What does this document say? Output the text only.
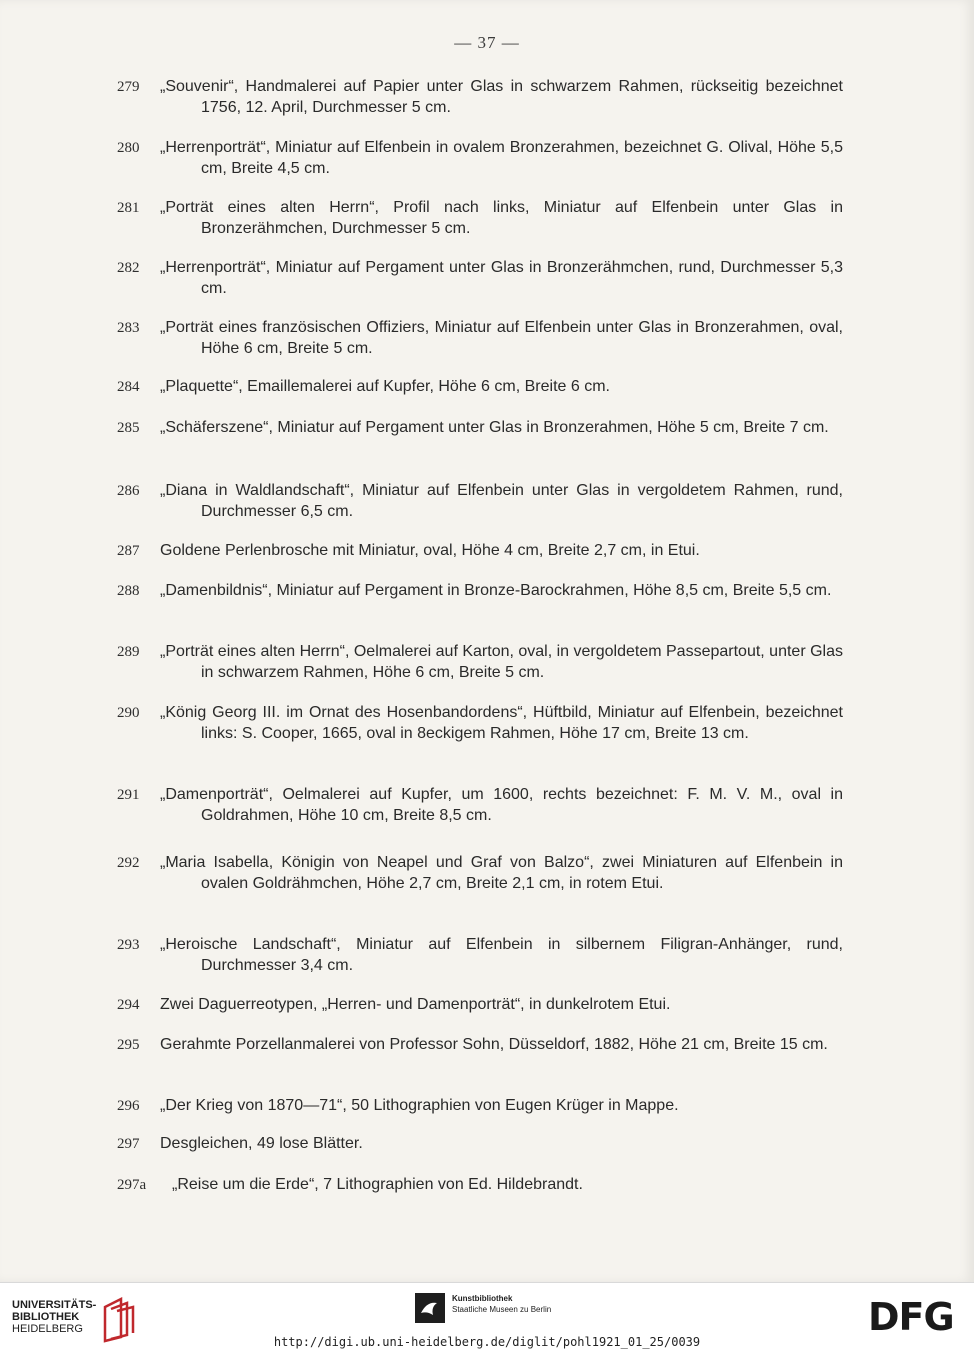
— 37 —
279 „Souvenir“, Handmalerei auf Papier unter Glas in schwarzem Rahmen, rückseitig bezeichnet 1756, 12. April, Durchmesser 5 cm.
280 „Herrenporträt“, Miniatur auf Elfenbein in ovalem Bronzerahmen, bezeichnet G. Olival, Höhe 5,5 cm, Breite 4,5 cm.
281 „Porträt eines alten Herrn“, Profil nach links, Miniatur auf Elfenbein unter Glas in Bronzerähmchen, Durchmesser 5 cm.
282 „Herrenporträt“, Miniatur auf Pergament unter Glas in Bronzerähmchen, rund, Durchmesser 5,3 cm.
283 „Porträt eines französischen Offiziers, Miniatur auf Elfenbein unter Glas in Bronzerahmen, oval, Höhe 6 cm, Breite 5 cm.
284 „Plaquette“, Emaillemalerei auf Kupfer, Höhe 6 cm, Breite 6 cm.
285 „Schäferszene“, Miniatur auf Pergament unter Glas in Bronzerahmen, Höhe 5 cm, Breite 7 cm.
286 „Diana in Waldlandschaft“, Miniatur auf Elfenbein unter Glas in vergoldetem Rahmen, rund, Durchmesser 6,5 cm.
287 Goldene Perlenbrosche mit Miniatur, oval, Höhe 4 cm, Breite 2,7 cm, in Etui.
288 „Damenbildnis“, Miniatur auf Pergament in Bronze-Barockrahmen, Höhe 8,5 cm, Breite 5,5 cm.
289 „Porträt eines alten Herrn“, Oelmalerei auf Karton, oval, in vergoldetem Passepartout, unter Glas in schwarzem Rahmen, Höhe 6 cm, Breite 5 cm.
290 „König Georg III. im Ornat des Hosenbandordens“, Hüftbild, Miniatur auf Elfenbein, bezeichnet links: S. Cooper, 1665, oval in 8eckigem Rahmen, Höhe 17 cm, Breite 13 cm.
291 „Damenporträt“, Oelmalerei auf Kupfer, um 1600, rechts bezeichnet: F. M. V. M., oval in Goldrahmen, Höhe 10 cm, Breite 8,5 cm.
292 „Maria Isabella, Königin von Neapel und Graf von Balzo“, zwei Miniaturen auf Elfenbein in ovalen Goldrähmchen, Höhe 2,7 cm, Breite 2,1 cm, in rotem Etui.
293 „Heroische Landschaft“, Miniatur auf Elfenbein in silbernem Filigran-Anhänger, rund, Durchmesser 3,4 cm.
294 Zwei Daguerreotypen, „Herren- und Damenporträt“, in dunkelrotem Etui.
295 Gerahmte Porzellanmalerei von Professor Sohn, Düsseldorf, 1882, Höhe 21 cm, Breite 15 cm.
296 „Der Krieg von 1870—71“, 50 Lithographien von Eugen Krüger in Mappe.
297 Desgleichen, 49 lose Blätter.
297a „Reise um die Erde“, 7 Lithographien von Ed. Hildebrandt.
UNIVERSITÄTS-
BIBLIOTHEK
HEIDELBERG
Kunstbibliothek
Staatliche Museen zu Berlin	DFG
http://digi.ub.uni-heidelberg.de/diglit/pohl1921_01_25/0039
